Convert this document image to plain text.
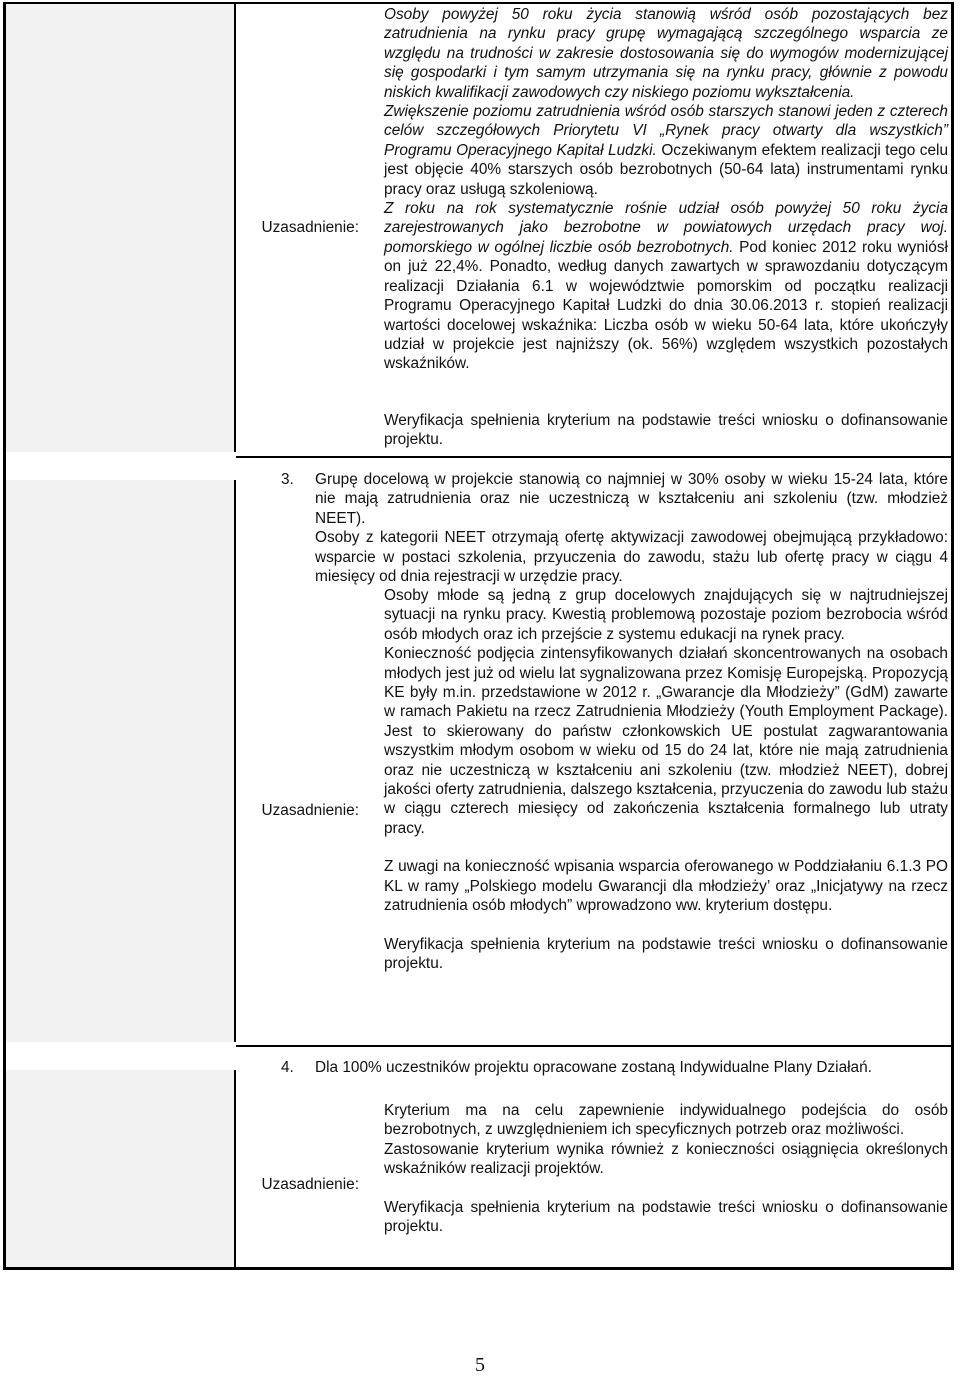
Uzasadnienie:

Osoby powyżej 50 roku życia stanowią wśród osób pozostających bez zatrudnienia na rynku pracy grupę wymagającą szczególnego wsparcia ze względu na trudności w zakresie dostosowania się do wymogów modernizującej się gospodarki i tym samym utrzymania się na rynku pracy, głównie z powodu niskich kwalifikacji zawodowych czy niskiego poziomu wykształcenia.

Zwiększenie poziomu zatrudnienia wśród osób starszych stanowi jeden z czterech celów szczegółowych Priorytetu VI „Rynek pracy otwarty dla wszystkich” Programu Operacyjnego Kapitał Ludzki. Oczekiwanym efektem realizacji tego celu jest objęcie 40% starszych osób bezrobotnych (50-64 lata) instrumentami rynku pracy oraz usługą szkoleniową.

Z roku na rok systematycznie rośnie udział osób powyżej 50 roku życia zarejestrowanych jako bezrobotne w powiatowych urzędach pracy woj. pomorskiego w ogólnej liczbie osób bezrobotnych. Pod koniec 2012 roku wyniósł on już 22,4%. Ponadto, według danych zawartych w sprawozdaniu dotyczącym realizacji Działania 6.1 w województwie pomorskim od początku realizacji Programu Operacyjnego Kapitał Ludzki do dnia 30.06.2013 r. stopień realizacji wartości docelowej wskaźnika: Liczba osób w wieku 50-64 lata, które ukończyły udział w projekcie jest najniższy (ok. 56%) względem wszystkich pozostałych wskaźników.

Weryfikacja spełnienia kryterium na podstawie treści wniosku o dofinansowanie projektu.
3. Grupę docelową w projekcie stanowią co najmniej w 30% osoby w wieku 15-24 lata, które nie mają zatrudnienia oraz nie uczestniczą w kształceniu ani szkoleniu (tzw. młodzież NEET).

Osoby z kategorii NEET otrzymają ofertę aktywizacji zawodowej obejmującą przykładowo: wsparcie w postaci szkolenia, przyuczenia do zawodu, stażu lub ofertę pracy w ciągu 4 miesięcy od dnia rejestracji w urzędzie pracy.

Uzasadnienie:

Osoby młode są jedną z grup docelowych znajdujących się w najtrudniejszej sytuacji na rynku pracy. Kwestią problemową pozostaje poziom bezrobocia wśród osób młodych oraz ich przejście z systemu edukacji na rynek pracy.

Konieczność podjęcia zintensyfikowanych działań skoncentrowanych na osobach młodych jest już od wielu lat sygnalizowana przez Komisję Europejską. Propozycją KE były m.in. przedstawione w 2012 r. „Gwarancje dla Młodzieży” (GdM) zawarte w ramach Pakietu na rzecz Zatrudnienia Młodzieży (Youth Employment Package). Jest to skierowany do państw członkowskich UE postulat zagwarantowania wszystkim młodym osobom w wieku od 15 do 24 lat, które nie mają zatrudnienia oraz nie uczestniczą w kształceniu ani szkoleniu (tzw. młodzież NEET), dobrej jakości oferty zatrudnienia, dalszego kształcenia, przyuczenia do zawodu lub stażu w ciągu czterech miesięcy od zakończenia kształcenia formalnego lub utraty pracy.

Z uwagi na konieczność wpisania wsparcia oferowanego w Poddziałaniu 6.1.3 PO KL w ramy „Polskiego modelu Gwarancji dla młodzieży’ oraz „Inicjatywy na rzecz zatrudnienia osób młodych” wprowadzono ww. kryterium dostępu.

Weryfikacja spełnienia kryterium na podstawie treści wniosku o dofinansowanie projektu.

4. Dla 100% uczestników projektu opracowane zostaną Indywidualne Plany Działań.
Uzasadnienie:

Kryterium ma na celu zapewnienie indywidualnego podejścia do osób bezrobotnych, z uwzględnieniem ich specyficznych potrzeb oraz możliwości.

Zastosowanie kryterium wynika również z konieczności osiągnięcia określonych wskaźników realizacji projektów.

Weryfikacja spełnienia kryterium na podstawie treści wniosku o dofinansowanie projektu.

5
